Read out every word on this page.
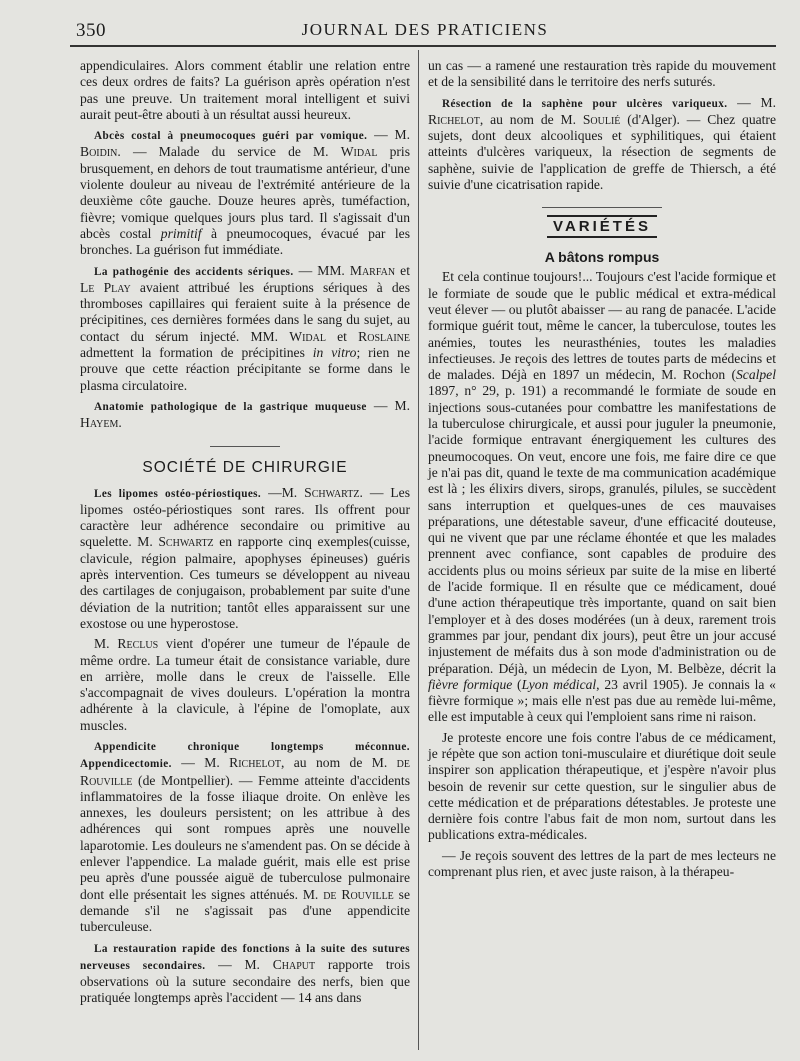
350	JOURNAL DES PRATICIENS

appendiculaires. Alors comment établir une relation entre ces deux ordres de faits? La guérison après opération n'est pas une preuve. Un traitement moral intelligent et suivi aurait peut-être abouti à un résultat aussi heureux.

Abcès costal à pneumocoques guéri par vomique. — M. Boidin. — Malade du service de M. Widal pris brusquement, en dehors de tout traumatisme antérieur, d'une violente douleur au niveau de l'extrémité antérieure de la deuxième côte gauche. Douze heures après, tuméfaction, fièvre; vomique quelques jours plus tard. Il s'agissait d'un abcès costal primitif à pneumocoques, évacué par les bronches. La guérison fut immédiate.

La pathogénie des accidents sériques. — MM. Marfan et Le Play avaient attribué les éruptions sériques à des thromboses capillaires qui feraient suite à la présence de précipitines, ces dernières formées dans le sang du sujet, au contact du sérum injecté. MM. Widal et Roslaine admettent la formation de précipitines in vitro; rien ne prouve que cette réaction précipitante se forme dans le plasma circulatoire.

Anatomie pathologique de la gastrique muqueuse — M. Hayem.

SOCIÉTÉ DE CHIRURGIE

Les lipomes ostéo-périostiques. —M. Schwartz. — Les lipomes ostéo-périostiques sont rares. Ils offrent pour caractère leur adhérence secondaire ou primitive au squelette. M. Schwartz en rapporte cinq exemples(cuisse, clavicule, région palmaire, apophyses épineuses) guéris après intervention. Ces tumeurs se développent au niveau des cartilages de conjugaison, probablement par suite d'une déviation de la nutrition; tantôt elles apparaissent sur une exostose ou une hyperostose.

M. Reclus vient d'opérer une tumeur de l'épaule de même ordre. La tumeur était de consistance variable, dure en arrière, molle dans le creux de l'aisselle. Elle s'accompagnait de vives douleurs. L'opération la montra adhérente à la clavicule, à l'épine de l'omoplate, aux muscles.

Appendicite chronique longtemps méconnue. Appendicectomie. — M. Richelot, au nom de M. de Rouville (de Montpellier). — Femme atteinte d'accidents inflammatoires de la fosse iliaque droite. On enlève les annexes, les douleurs persistent; on les attribue à des adhérences qui sont rompues après une nouvelle laparotomie. Les douleurs ne s'amendent pas. On se décide à enlever l'appendice. La malade guérit, mais elle est prise peu après d'une poussée aiguë de tuberculose pulmonaire dont elle présentait les signes atténués. M. de Rouville se demande s'il ne s'agissait pas d'une appendicite tuberculeuse.

La restauration rapide des fonctions à la suite des sutures nerveuses secondaires. — M. Chaput rapporte trois observations où la suture secondaire des nerfs, bien que pratiquée longtemps après l'accident — 14 ans dans

un cas — a ramené une restauration très rapide du mouvement et de la sensibilité dans le territoire des nerfs suturés.

Résection de la saphène pour ulcères variqueux. — M. Richelot, au nom de M. Soulié (d'Alger). — Chez quatre sujets, dont deux alcooliques et syphilitiques, qui étaient atteints d'ulcères variqueux, la résection de segments de saphène, suivie de l'application de greffe de Thiersch, a été suivie d'une cicatrisation rapide.

VARIÉTÉS
A bâtons rompus

Et cela continue toujours!... Toujours c'est l'acide formique et le formiate de soude que le public médical et extra-médical veut élever — ou plutôt abaisser — au rang de panacée. L'acide formique guérit tout, même le cancer, la tuberculose, toutes les anémies, toutes les neurasthénies, toutes les maladies infectieuses. Je reçois des lettres de toutes parts de médecins et de malades. Déjà en 1897 un médecin, M. Rochon (Scalpel 1897, n° 29, p. 191) a recommandé le formiate de soude en injections sous-cutanées pour combattre les manifestations de la tuberculose chirurgicale, et aussi pour juguler la pneumonie, l'acide formique entravant énergiquement les cultures des pneumocoques. On veut, encore une fois, me faire dire ce que je n'ai pas dit, quand le texte de ma communication académique est là ; les élixirs divers, sirops, granulés, pilules, se succèdent sans interruption et quelques-unes de ces mauvaises préparations, une détestable saveur, d'une efficacité douteuse, qui ne vivent que par une réclame éhontée et que les malades prennent avec confiance, sont capables de produire des accidents plus ou moins sérieux par suite de la mise en liberté de l'acide formique. Il en résulte que ce médicament, doué d'une action thérapeutique très importante, quand on sait bien l'employer et à des doses modérées (un à deux, rarement trois grammes par jour, pendant dix jours), peut être un jour accusé injustement de méfaits dus à son mode d'administration ou de préparation. Déjà, un médecin de Lyon, M. Belbèze, décrit la fièvre formique (Lyon médical, 23 avril 1905). Je connais la « fièvre formique »; mais elle n'est pas due au remède lui-même, elle est imputable à ceux qui l'emploient sans rime ni raison.

Je proteste encore une fois contre l'abus de ce médicament, je répète que son action toni-musculaire et diurétique doit seule inspirer son application thérapeutique, et j'espère n'avoir plus besoin de revenir sur cette question, sur le singulier abus de cette médication et de préparations détestables. Je proteste une dernière fois contre l'abus fait de mon nom, surtout dans les publications extra-médicales.

— Je reçois souvent des lettres de la part de mes lecteurs ne comprenant plus rien, et avec juste raison, à la thérapeu-
